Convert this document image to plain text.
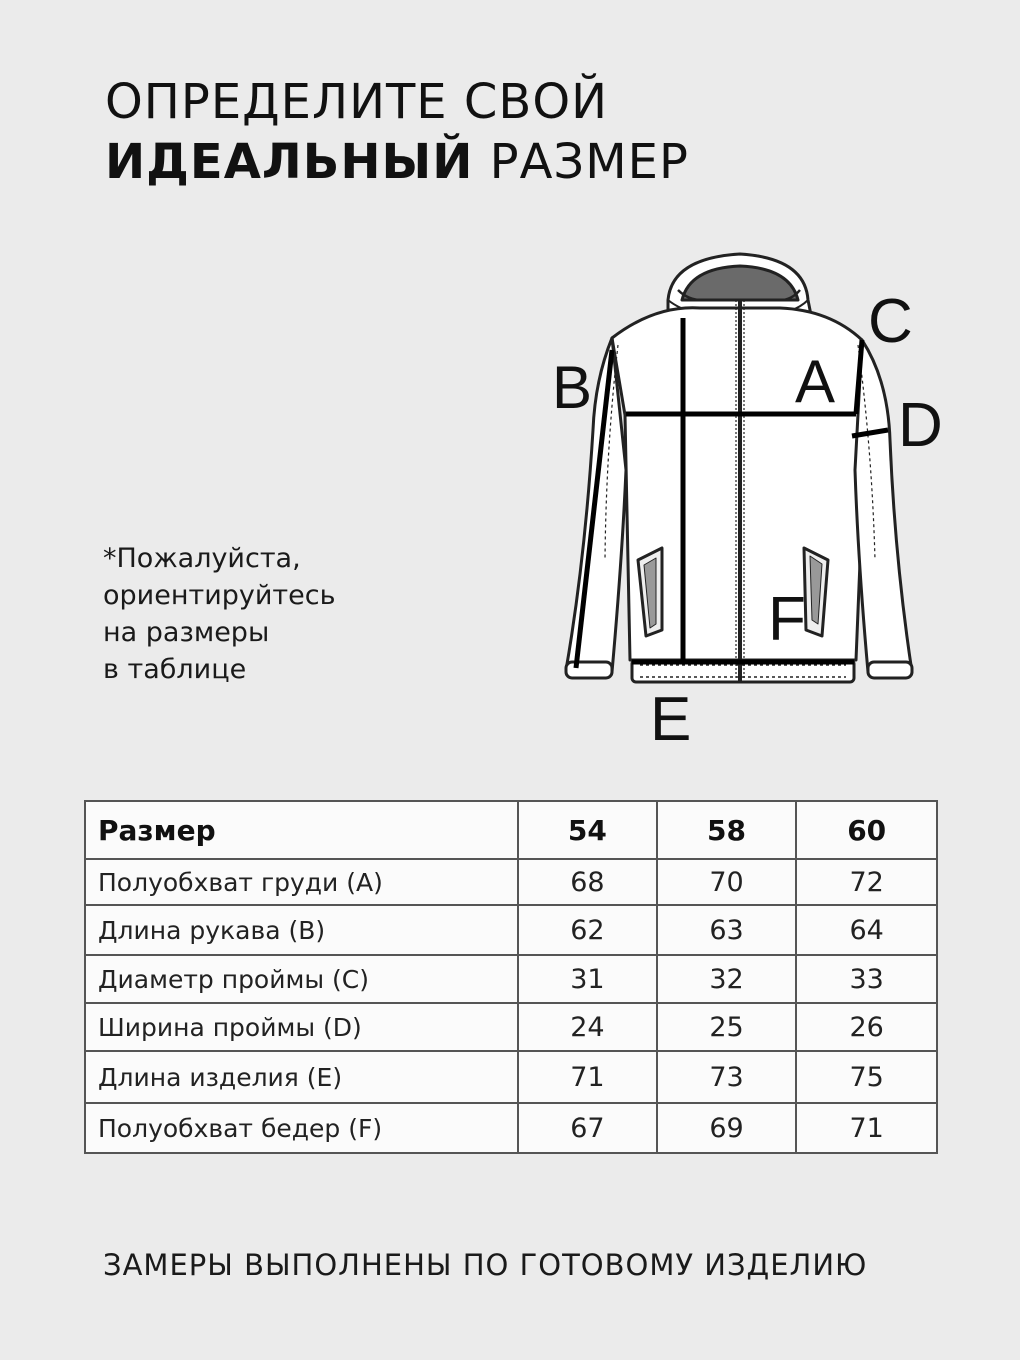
ОПРЕДЕЛИТЕ СВОЙ
ИДЕАЛЬНЫЙ РАЗМЕР
*Пожалуйста,
ориентируйтесь
на размеры
в таблице
A
B
C
D
E
F
Размер	54	58	60
Полуобхват груди (A)	68	70	72
Длина рукава (B)	62	63	64
Диаметр проймы (C)	31	32	33
Ширина проймы (D)	24	25	26
Длина изделия (E)	71	73	75
Полуобхват бедер (F)	67	69	71
ЗАМЕРЫ ВЫПОЛНЕНЫ ПО ГОТОВОМУ ИЗДЕЛИЮ
